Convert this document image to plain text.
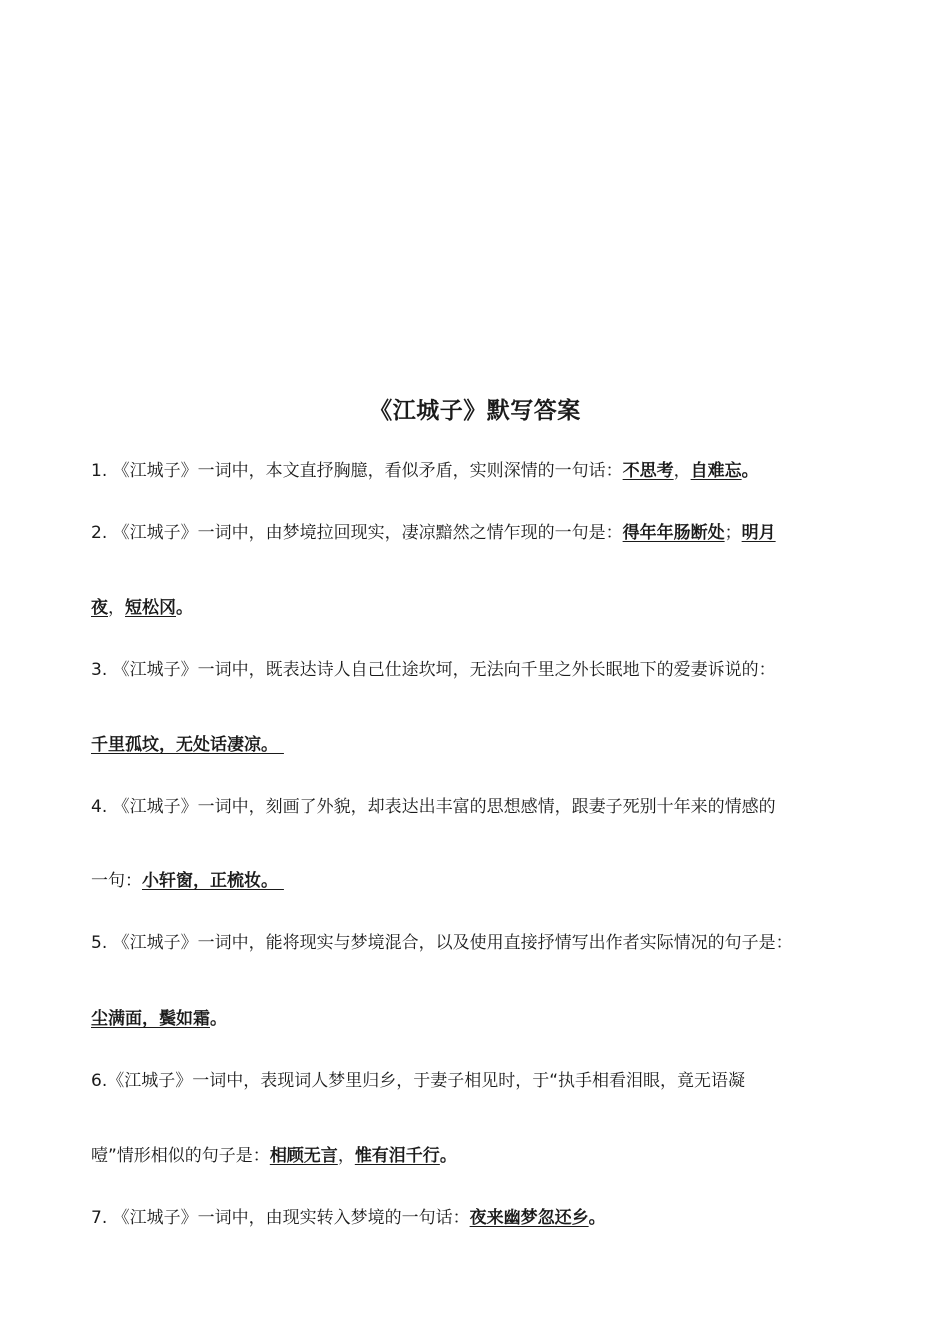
《江城子》默写答案
1. 《江城子》一词中，本文直抒胸臆，看似矛盾，实则深情的一句话：不思考，自难忘。
2. 《江城子》一词中，由梦境拉回现实，凄凉黯然之情乍现的一句是：得年年肠断处；明月
夜，短松冈。
3. 《江城子》一词中，既表达诗人自己仕途坎坷，无法向千里之外长眠地下的爱妻诉说的：
千里孤坟，无处话凄凉。
4. 《江城子》一词中，刻画了外貌，却表达出丰富的思想感情，跟妻子死别十年来的情感的
一句：小轩窗，正梳妆。
5. 《江城子》一词中，能将现实与梦境混合，以及使用直接抒情写出作者实际情况的句子是：
尘满面，鬓如霜。
6.《江城子》一词中，表现词人梦里归乡，于妻子相见时，于“执手相看泪眼，竟无语凝
噎”情形相似的句子是：相顾无言，惟有泪千行。
7. 《江城子》一词中，由现实转入梦境的一句话：夜来幽梦忽还乡。
